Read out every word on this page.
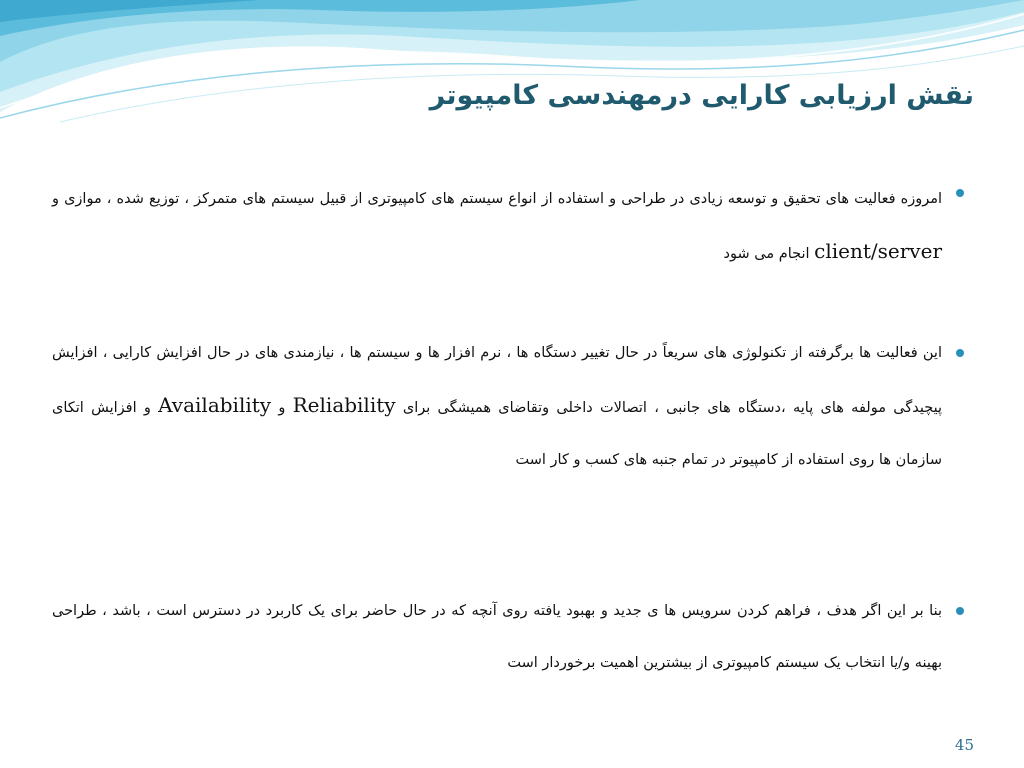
نقش ارزیابی کارایی درمهندسی کامپیوتر

امروزه فعالیت های تحقیق و توسعه زیادی در طراحی و استفاده از انواع سیستم های کامپیوتری از قبیل سیستم های متمرکز ، توزیع شده ، موازی و client/server انجام می شود

این فعالیت ها برگرفته از تکنولوژی های سریعاً در حال تغییر دستگاه ها ، نرم افزار ها و سیستم ها ، نیازمندی های در حال افزایش کارایی ، افزایش پیچیدگی مولفه های پایه ،دستگاه های جانبی ، اتصالات داخلی وتقاضای همیشگی برای Reliability و Availability و افزایش اتکای سازمان ها روی استفاده از کامپیوتر در تمام جنبه های کسب و کار است

بنا بر این اگر هدف ، فراهم کردن سرویس ها ی جدید و بهبود یافته روی آنچه که در حال حاضر برای یک کاربرد در دسترس است ، باشد ، طراحی بهینه و/یا انتخاب یک سیستم کامپیوتری از بیشترین اهمیت برخوردار است

45
